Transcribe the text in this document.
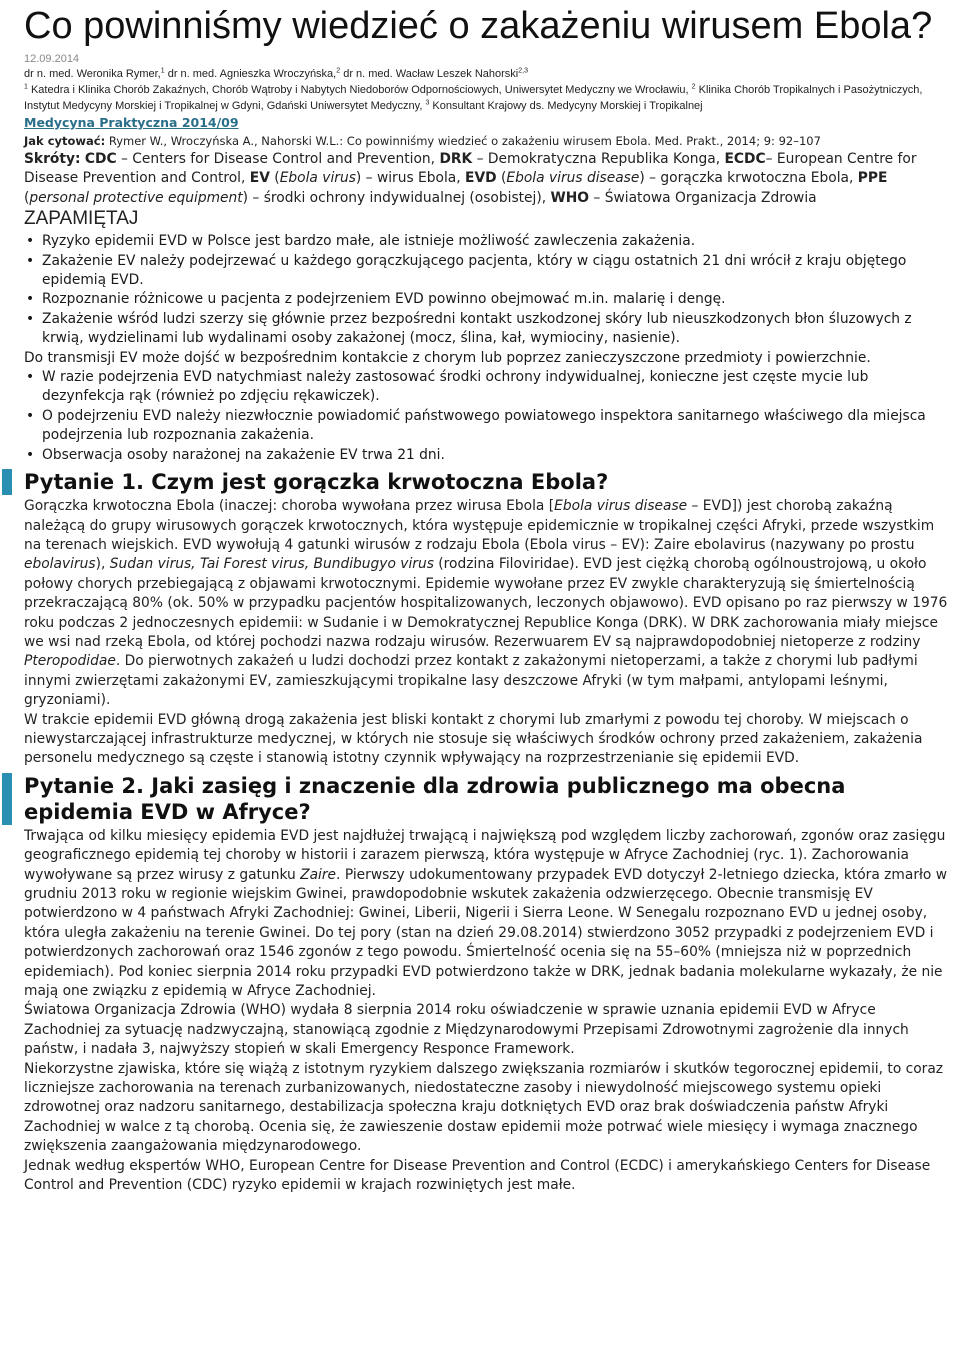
Co powinniśmy wiedzieć o zakażeniu wirusem Ebola?
12.09.2014
dr n. med. Weronika Rymer,$^1$ dr n. med. Agnieszka Wroczyńska,$^2$ dr n. med. Wacław Leszek Nahorski$^{2,3}$
$^1$ Katedra i Klinika Chorób Zakaźnych, Chorób Wątroby i Nabytych Niedoborów Odpornościowych, Uniwersytet Medyczny we Wrocławiu, $^2$ Klinika Chorób Tropikalnych i Pasożytniczych, Instytut Medycyny Morskiej i Tropikalnej w Gdyni, Gdański Uniwersytet Medyczny, $^3$ Konsultant Krajowy ds. Medycyny Morskiej i Tropikalnej
Medycyna Praktyczna 2014/09
Jak cytować: Rymer W., Wroczyńska A., Nahorski W.L.: Co powinniśmy wiedzieć o zakażeniu wirusem Ebola. Med. Prakt., 2014; 9: 92–107
Skróty: CDC – Centers for Disease Control and Prevention, DRK – Demokratyczna Republika Konga, ECDC– European Centre for Disease Prevention and Control, EV (Ebola virus) – wirus Ebola, EVD (Ebola virus disease) – gorączka krwotoczna Ebola, PPE (personal protective equipment) – środki ochrony indywidualnej (osobistej), WHO – Światowa Organizacja Zdrowia
ZAPAMIĘTAJ
• Ryzyko epidemii EVD w Polsce jest bardzo małe, ale istnieje możliwość zawleczenia zakażenia.
• Zakażenie EV należy podejrzewać u każdego gorączkującego pacjenta, który w ciągu ostatnich 21 dni wrócił z kraju objętego epidemią EVD.
• Rozpoznanie różnicowe u pacjenta z podejrzeniem EVD powinno obejmować m.in. malarię i dengę.
• Zakażenie wśród ludzi szerzy się głównie przez bezpośredni kontakt uszkodzonej skóry lub nieuszkodzonych błon śluzowych z krwią, wydzielinami lub wydalinami osoby zakażonej (mocz, ślina, kał, wymiociny, nasienie).
Do transmisji EV może dojść w bezpośrednim kontakcie z chorym lub poprzez zanieczyszczone przedmioty i powierzchnie.
• W razie podejrzenia EVD natychmiast należy zastosować środki ochrony indywidualnej, konieczne jest częste mycie lub dezynfekcja rąk (również po zdjęciu rękawiczek).
• O podejrzeniu EVD należy niezwłocznie powiadomić państwowego powiatowego inspektora sanitarnego właściwego dla miejsca podejrzenia lub rozpoznania zakażenia.
• Obserwacja osoby narażonej na zakażenie EV trwa 21 dni.
Pytanie 1. Czym jest gorączka krwotoczna Ebola?

Gorączka krwotoczna Ebola (inaczej: choroba wywołana przez wirusa Ebola [Ebola virus disease – EVD]) jest chorobą zakaźną należącą do grupy wirusowych gorączek krwotocznych, która występuje epidemicznie w tropikalnej części Afryki, przede wszystkim na terenach wiejskich. EVD wywołują 4 gatunki wirusów z rodzaju Ebola (Ebola virus – EV): Zaire ebolavirus (nazywany po prostu ebolavirus), Sudan virus, Tai Forest virus, Bundibugyo virus (rodzina Filoviridae). EVD jest ciężką chorobą ogólnoustrojową, u około połowy chorych przebiegającą z objawami krwotocznymi. Epidemie wywołane przez EV zwykle charakteryzują się śmiertelnością przekraczającą 80% (ok. 50% w przypadku pacjentów hospitalizowanych, leczonych objawowo). EVD opisano po raz pierwszy w 1976 roku podczas 2 jednoczesnych epidemii: w Sudanie i w Demokratycznej Republice Konga (DRK). W DRK zachorowania miały miejsce we wsi nad rzeką Ebola, od której pochodzi nazwa rodzaju wirusów. Rezerwuarem EV są najprawdopodobniej nietoperze z rodziny Pteropodidae. Do pierwotnych zakażeń u ludzi dochodzi przez kontakt z zakażonymi nietoperzami, a także z chorymi lub padłymi innymi zwierzętami zakażonymi EV, zamieszkującymi tropikalne lasy deszczowe Afryki (w tym małpami, antylopami leśnymi, gryzoniami).

W trakcie epidemii EVD główną drogą zakażenia jest bliski kontakt z chorymi lub zmarłymi z powodu tej choroby. W miejscach o niewystarczającej infrastrukturze medycznej, w których nie stosuje się właściwych środków ochrony przed zakażeniem, zakażenia personelu medycznego są częste i stanowią istotny czynnik wpływający na rozprzestrzenianie się epidemii EVD.

Pytanie 2. Jaki zasięg i znaczenie dla zdrowia publicznego ma obecna epidemia EVD w Afryce?

Trwająca od kilku miesięcy epidemia EVD jest najdłużej trwającą i największą pod względem liczby zachorowań, zgonów oraz zasięgu geograficznego epidemią tej choroby w historii i zarazem pierwszą, która występuje w Afryce Zachodniej (ryc. 1). Zachorowania wywoływane są przez wirusy z gatunku Zaire. Pierwszy udokumentowany przypadek EVD dotyczył 2-letniego dziecka, która zmarło w grudniu 2013 roku w regionie wiejskim Gwinei, prawdopodobnie wskutek zakażenia odzwierzęcego. Obecnie transmisję EV potwierdzono w 4 państwach Afryki Zachodniej: Gwinei, Liberii, Nigerii i Sierra Leone. W Senegalu rozpoznano EVD u jednej osoby, która uległa zakażeniu na terenie Gwinei. Do tej pory (stan na dzień 29.08.2014) stwierdzono 3052 przypadki z podejrzeniem EVD i potwierdzonych zachorowań oraz 1546 zgonów z tego powodu. Śmiertelność ocenia się na 55–60% (mniejsza niż w poprzednich epidemiach). Pod koniec sierpnia 2014 roku przypadki EVD potwierdzono także w DRK, jednak badania molekularne wykazały, że nie mają one związku z epidemią w Afryce Zachodniej.

Światowa Organizacja Zdrowia (WHO) wydała 8 sierpnia 2014 roku oświadczenie w sprawie uznania epidemii EVD w Afryce Zachodniej za sytuację nadzwyczajną, stanowiącą zgodnie z Międzynarodowymi Przepisami Zdrowotnymi zagrożenie dla innych państw, i nadała 3, najwyższy stopień w skali Emergency Responce Framework.

Niekorzystne zjawiska, które się wiążą z istotnym ryzykiem dalszego zwiększania rozmiarów i skutków tegorocznej epidemii, to coraz liczniejsze zachorowania na terenach zurbanizowanych, niedostateczne zasoby i niewydolność miejscowego systemu opieki zdrowotnej oraz nadzoru sanitarnego, destabilizacja społeczna kraju dotkniętych EVD oraz brak doświadczenia państw Afryki Zachodniej w walce z tą chorobą. Ocenia się, że zawieszenie dostaw epidemii może potrwać wiele miesięcy i wymaga znacznego zwiększenia zaangażowania międzynarodowego.

Jednak według ekspertów WHO, European Centre for Disease Prevention and Control (ECDC) i amerykańskiego Centers for Disease Control and Prevention (CDC) ryzyko epidemii w krajach rozwiniętych jest małe.
